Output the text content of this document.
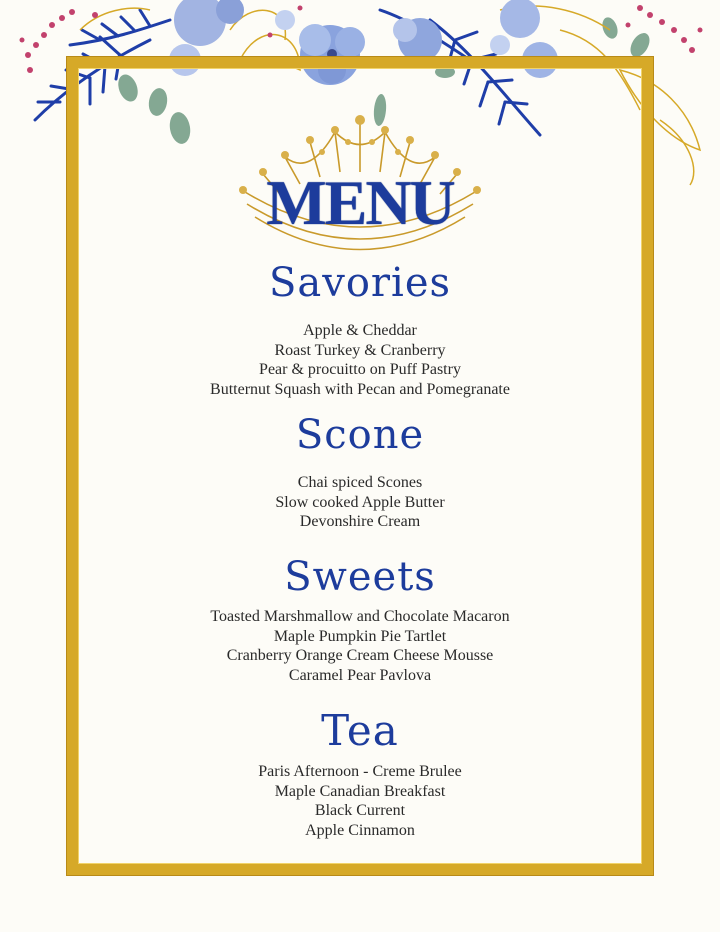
MENU
Savories
Apple & Cheddar
Roast Turkey & Cranberry
Pear & procuitto on Puff Pastry
Butternut Squash with Pecan and Pomegranate
Scone
Chai spiced Scones
Slow cooked Apple Butter
Devonshire Cream
Sweets
Toasted Marshmallow and Chocolate Macaron
Maple Pumpkin Pie Tartlet
Cranberry Orange Cream Cheese Mousse
Caramel Pear Pavlova
Tea
Paris Afternoon - Creme Brulee
Maple Canadian Breakfast
Black Current
Apple Cinnamon
